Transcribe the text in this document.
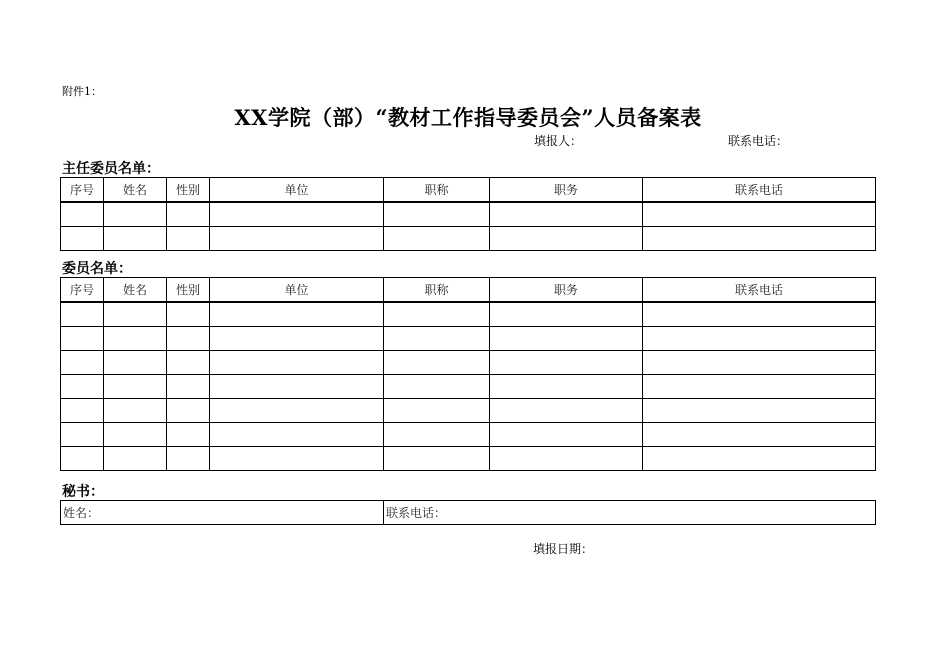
附件1：
XX学院（部）“教材工作指导委员会”人员备案表
填报人：	联系电话：
主任委员名单：
序号	姓名	性别	单位	职称	职务	联系电话

委员名单：
序号	姓名	性别	单位	职称	职务	联系电话

秘书：
姓名：	联系电话：
填报日期：
